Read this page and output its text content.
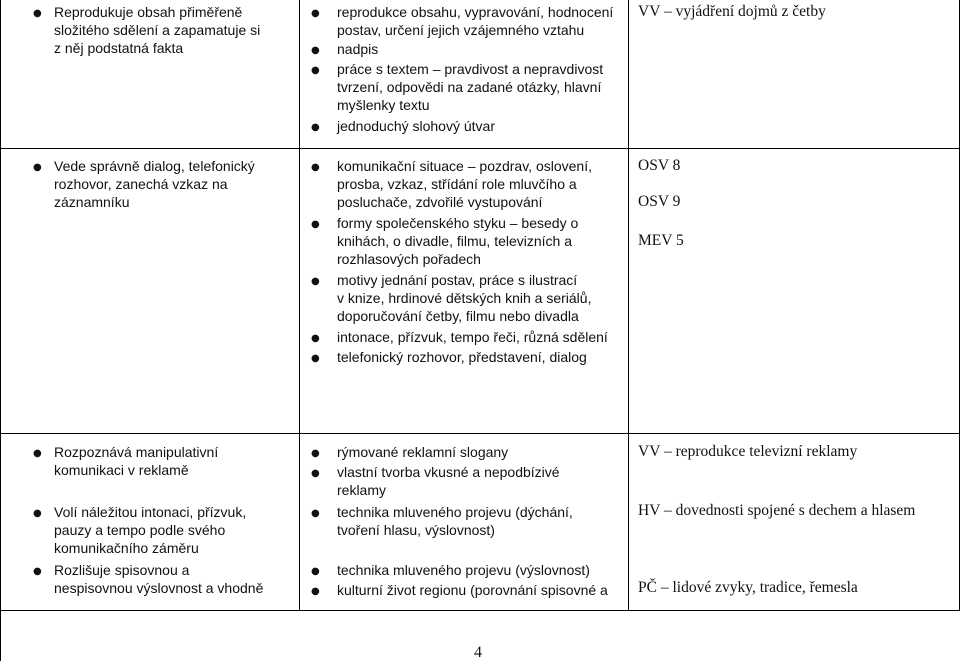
● Reprodukuje obsah přiměřeně
složitého sdělení a zapamatuje si
z něj podstatná fakta
● reprodukce obsahu, vypravování, hodnocení
postav, určení jejich vzájemného vztahu
● nadpis
● práce s textem – pravdivost a nepravdivost
tvrzení, odpovědi na zadané otázky, hlavní
myšlenky textu
● jednoduchý slohový útvar
VV – vyjádření dojmů z četby
● Vede správně dialog, telefonický
rozhovor, zanechá vzkaz na
záznamníku
● komunikační situace – pozdrav, oslovení,
prosba, vzkaz, střídání role mluvčího a
posluchače, zdvořilé vystupování
● formy společenského styku – besedy o
knihách, o divadle, filmu, televizních a
rozhlasových pořadech
● motivy jednání postav, práce s ilustrací
v knize, hrdinové dětských knih a seriálů,
doporučování četby, filmu nebo divadla
● intonace, přízvuk, tempo řeči, různá sdělení
● telefonický rozhovor, představení, dialog
OSV 8
OSV 9
MEV 5
● Rozpoznává manipulativní
komunikaci v reklamě
● Volí náležitou intonaci, přízvuk,
pauzy a tempo podle svého
komunikačního záměru
● Rozlišuje spisovnou a
nespisovnou výslovnost a vhodně
● rýmované reklamní slogany
● vlastní tvorba vkusné a nepodbízivé
reklamy
● technika mluveného projevu (dýchání,
tvoření hlasu, výslovnost)
● technika mluveného projevu (výslovnost)
● kulturní život regionu (porovnání spisovné a
VV – reprodukce televizní reklamy
HV – dovednosti spojené s dechem a hlasem
PČ – lidové zvyky, tradice, řemesla
4
